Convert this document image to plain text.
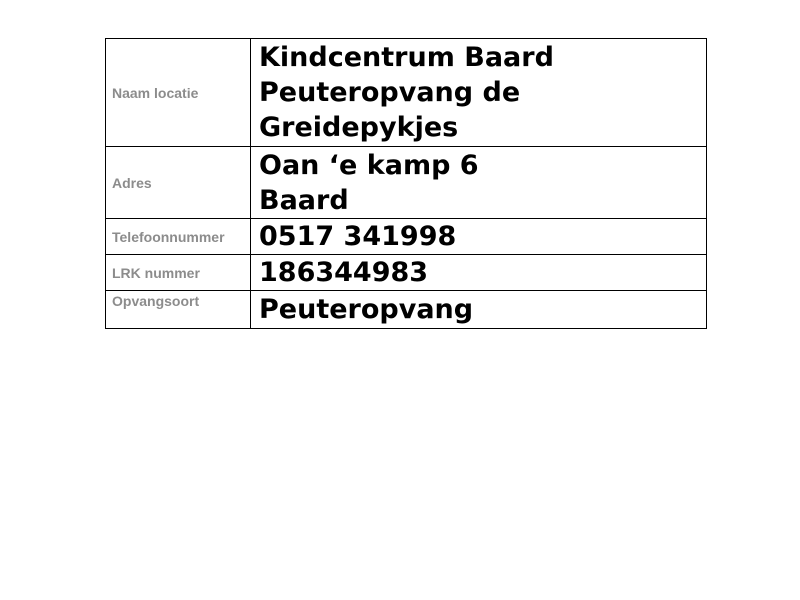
Naam locatie	Kindcentrum Baard
Peuteropvang de
Greidepykjes

Adres	Oan ‘e kamp 6
Baard

Telefoonnummer	0517 341998
LRK nummer	186344983
Opvangsoort	Peuteropvang
